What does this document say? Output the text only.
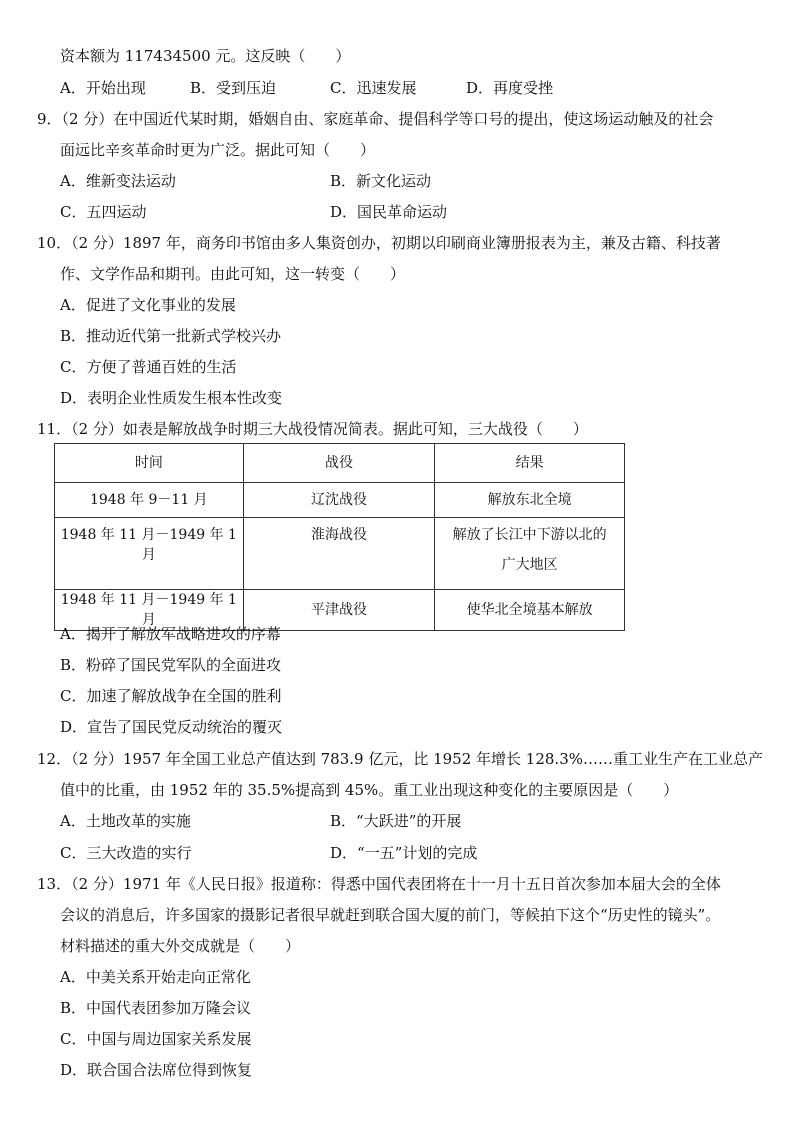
资本额为 117434500 元。这反映（　　）
A．开始出现	B．受到压迫	C．迅速发展	D．再度受挫
9．（2 分）在中国近代某时期，婚姻自由、家庭革命、提倡科学等口号的提出，使这场运动触及的社会
面远比辛亥革命时更为广泛。据此可知（　　）
A．维新变法运动	B．新文化运动
C．五四运动	D．国民革命运动
10．（2 分）1897 年，商务印书馆由多人集资创办，初期以印刷商业簿册报表为主，兼及古籍、科技著
作、文学作品和期刊。由此可知，这一转变（　　）
A．促进了文化事业的发展
B．推动近代第一批新式学校兴办
C．方便了普通百姓的生活
D．表明企业性质发生根本性改变
11．（2 分）如表是解放战争时期三大战役情况简表。据此可知，三大战役（　　）
时间	战役	结果
1948 年 9－11 月	辽沈战役	解放东北全境
1948 年 11 月－1949 年 1 月	淮海战役	解放了长江中下游以北的
广大地区

1948 年 11 月－1949 年 1 月	平津战役	使华北全境基本解放
A．揭开了解放军战略进攻的序幕
B．粉碎了国民党军队的全面进攻
C．加速了解放战争在全国的胜利
D．宣告了国民党反动统治的覆灭
12．（2 分）1957 年全国工业总产值达到 783.9 亿元，比 1952 年增长 128.3%……重工业生产在工业总产
值中的比重，由 1952 年的 35.5%提高到 45%。重工业出现这种变化的主要原因是（　　）
A．土地改革的实施	B．“大跃进”的开展
C．三大改造的实行	D．“一五”计划的完成
13．（2 分）1971 年《人民日报》报道称：得悉中国代表团将在十一月十五日首次参加本届大会的全体
会议的消息后，许多国家的摄影记者很早就赶到联合国大厦的前门，等候拍下这个“历史性的镜头”。
材料描述的重大外交成就是（　　）
A．中美关系开始走向正常化
B．中国代表团参加万隆会议
C．中国与周边国家关系发展
D．联合国合法席位得到恢复
